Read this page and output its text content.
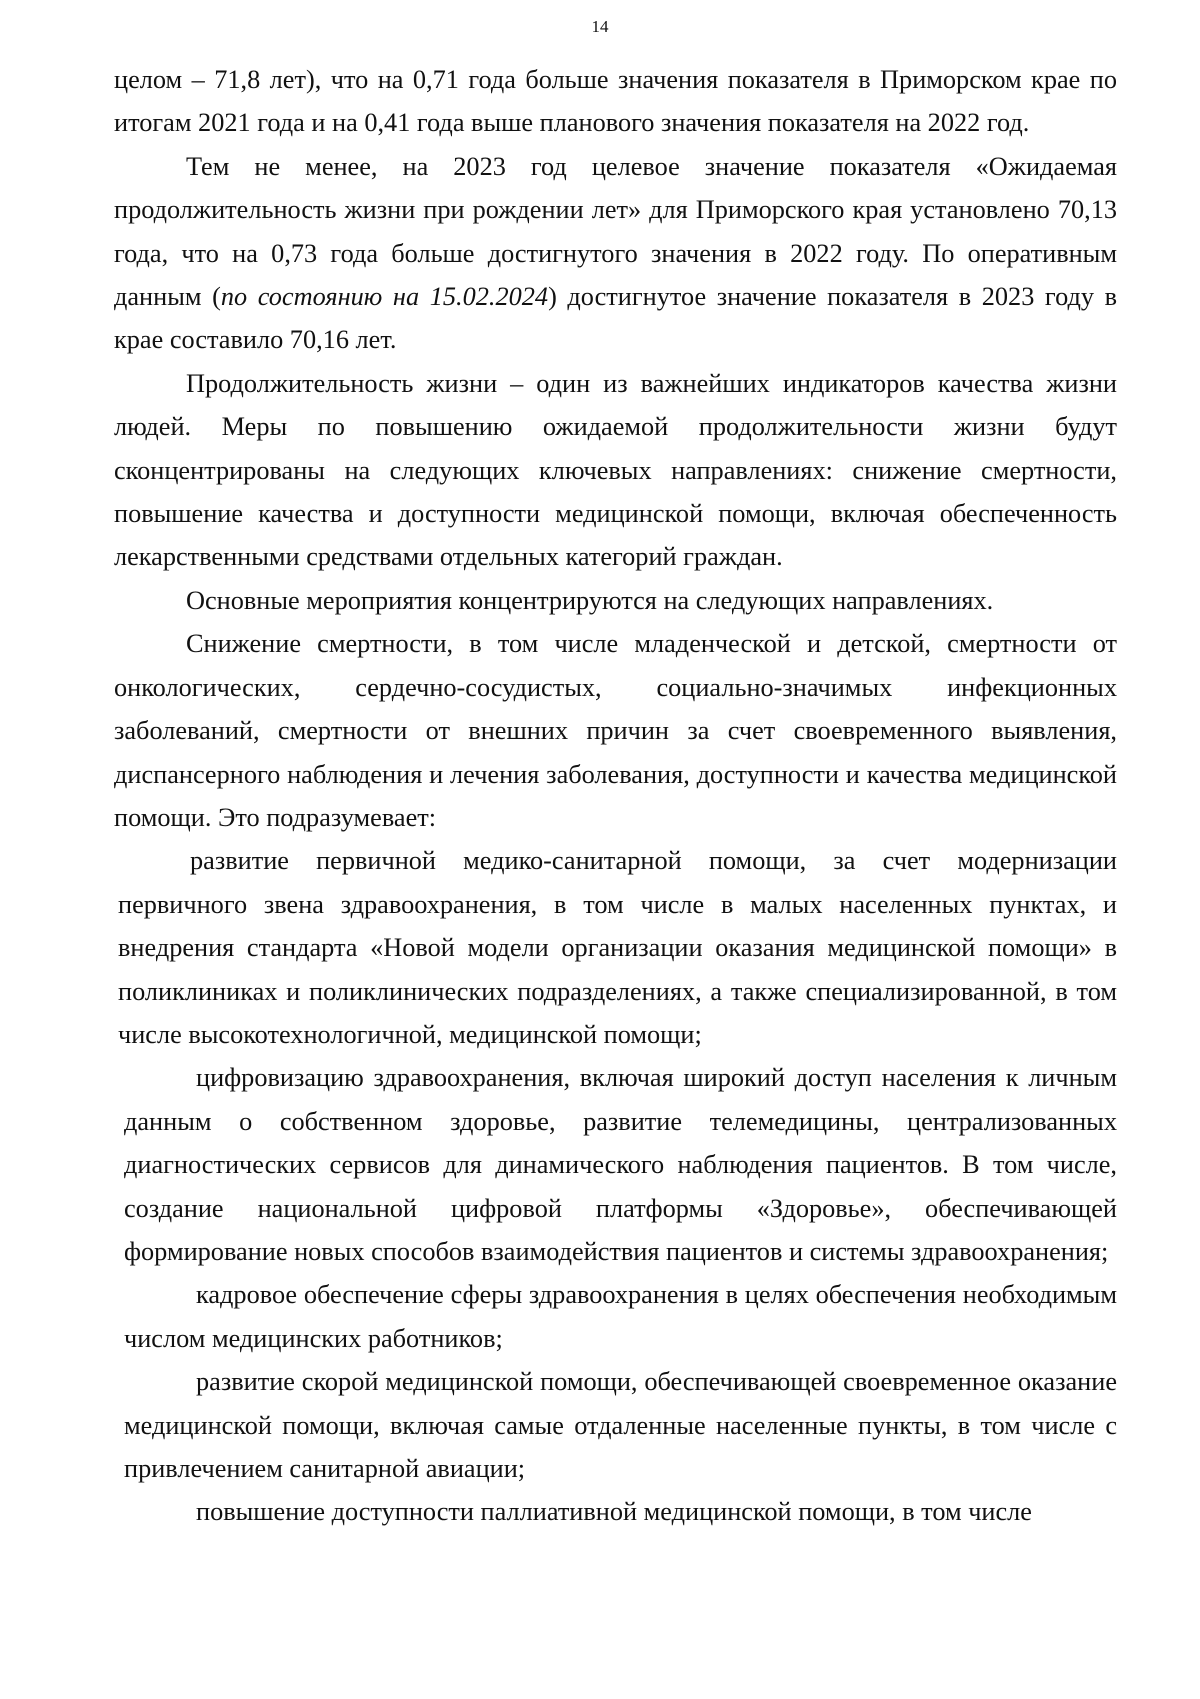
14

целом – 71,8 лет), что на 0,71 года больше значения показателя в Приморском крае по итогам 2021 года и на 0,41 года выше планового значения показателя на 2022 год.

Тем не менее, на 2023 год целевое значение показателя «Ожидаемая продолжительность жизни при рождении лет» для Приморского края установлено 70,13 года, что на 0,73 года больше достигнутого значения в 2022 году. По оперативным данным (по состоянию на 15.02.2024) достигнутое значение показателя в 2023 году в крае составило 70,16 лет.

Продолжительность жизни – один из важнейших индикаторов качества жизни людей. Меры по повышению ожидаемой продолжительности жизни будут сконцентрированы на следующих ключевых направлениях: снижение смертности, повышение качества и доступности медицинской помощи, включая обеспеченность лекарственными средствами отдельных категорий граждан.

Основные мероприятия концентрируются на следующих направлениях.

Снижение смертности, в том числе младенческой и детской, смертности от онкологических, сердечно-сосудистых, социально-значимых инфекционных заболеваний, смертности от внешних причин за счет своевременного выявления, диспансерного наблюдения и лечения заболевания, доступности и качества медицинской помощи. Это подразумевает:

развитие первичной медико-санитарной помощи, за счет модернизации первичного звена здравоохранения, в том числе в малых населенных пунктах, и внедрения стандарта «Новой модели организации оказания медицинской помощи» в поликлиниках и поликлинических подразделениях, а также специализированной, в том числе высокотехнологичной, медицинской помощи;

цифровизацию здравоохранения, включая широкий доступ населения к личным данным о собственном здоровье, развитие телемедицины, централизованных диагностических сервисов для динамического наблюдения пациентов. В том числе, создание национальной цифровой платформы «Здоровье», обеспечивающей формирование новых способов взаимодействия пациентов и системы здравоохранения;

кадровое обеспечение сферы здравоохранения в целях обеспечения необходимым числом медицинских работников;

развитие скорой медицинской помощи, обеспечивающей своевременное оказание медицинской помощи, включая самые отдаленные населенные пункты, в том числе с привлечением санитарной авиации;

повышение доступности паллиативной медицинской помощи, в том числе
